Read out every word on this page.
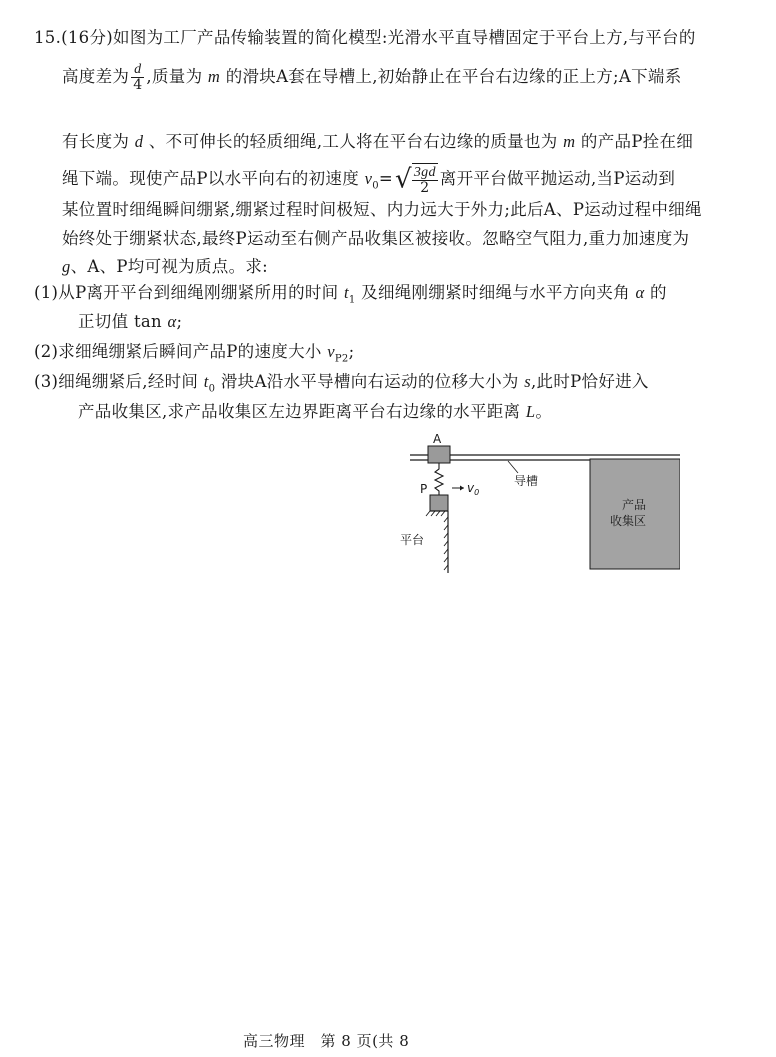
15.(16分)如图为工厂产品传输装置的简化模型:光滑水平直导槽固定于平台上方,与平台的
高度差为 $\frac{d}{4}$ ,质量为 m 的滑块A套在导槽上,初始静止在平台右边缘的正上方;A下端系
有长度为 d 、不可伸长的轻质细绳,工人将在平台右边缘的质量也为 m 的产品P拴在细
绳下端。现使产品P以水平向右的初速度 $v_0=√ \frac{3gd}{2}$ 离开平台做平抛运动,当P运动到
某位置时细绳瞬间绷紧,绷紧过程时间极短、内力远大于外力;此后A、P运动过程中细绳
始终处于绷紧状态,最终P运动至右侧产品收集区被接收。忽略空气阻力,重力加速度为
g、A、P均可视为质点。求:
(1)从P离开平台到细绳刚绷紧所用的时间 $t_1$ 及细绳刚绷紧时细绳与水平方向夹角 α 的
正切值 tan α;
(2)求细绳绷紧后瞬间产品P的速度大小 $v_{P2}$;
(3)细绳绷紧后,经时间 $t_0$ 滑块A沿水平导槽向右运动的位移大小为 s,此时P恰好进入
产品收集区,求产品收集区左边界距离平台右边缘的水平距离 L。
A
P	$v_0$
平台
导槽
产品
收集区
高三物理　第 8 页(共 8
